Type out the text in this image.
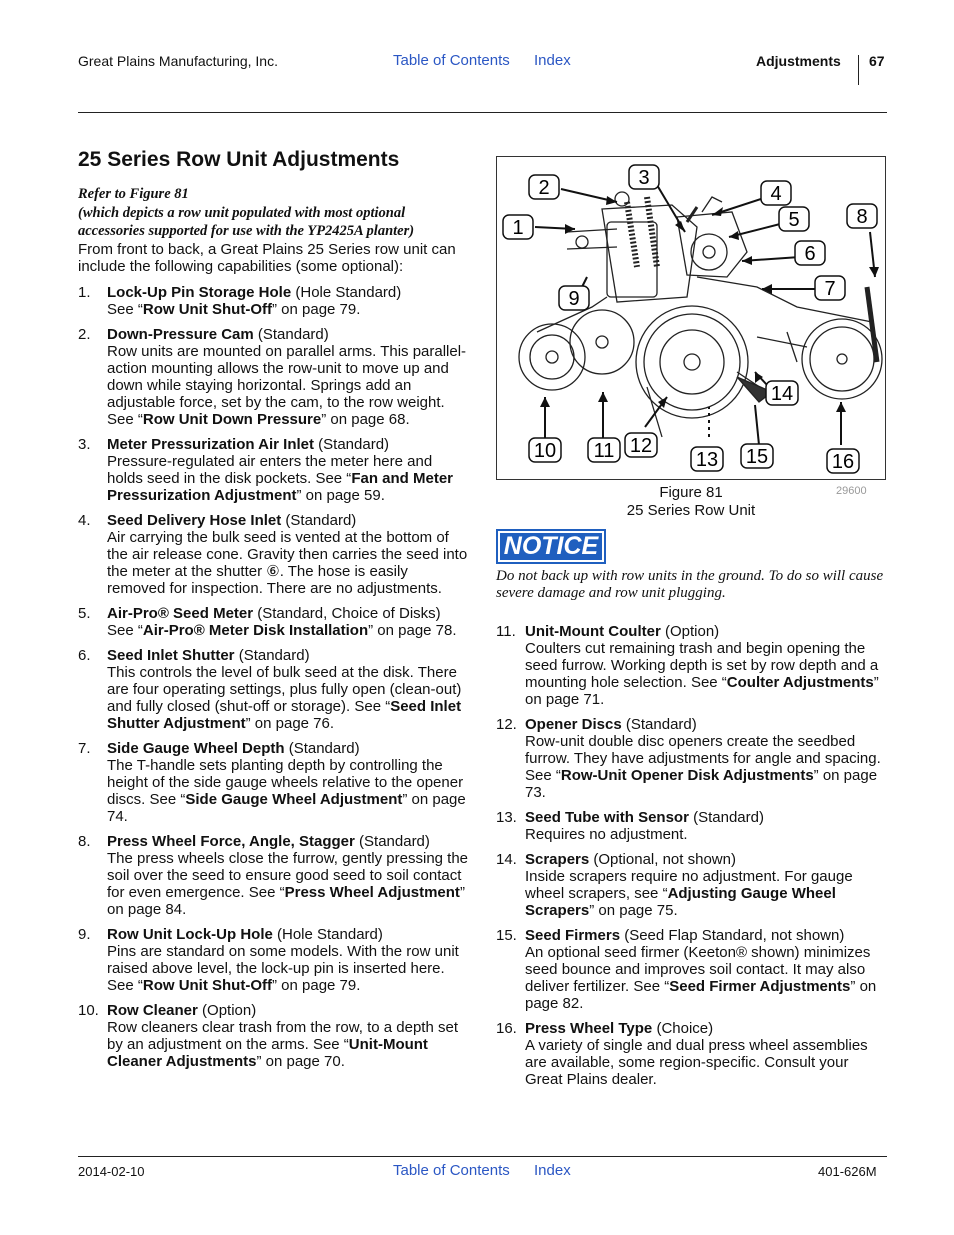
Great Plains Manufacturing, Inc.	Table of Contents Index	Adjustments 67
25 Series Row Unit Adjustments
Refer to Figure 81
(which depicts a row unit populated with most optional accessories supported for use with the YP2425A planter)
From front to back, a Great Plains 25 Series row unit can include the following capabilities (some optional):
1. Lock-Up Pin Storage Hole (Hole Standard)
See “Row Unit Shut-Off” on page 79.
2. Down-Pressure Cam (Standard)
Row units are mounted on parallel arms. This parallel-action mounting allows the row-unit to move up and down while staying horizontal. Springs add an adjustable force, set by the cam, to the row weight. See “Row Unit Down Pressure” on page 68.
3. Meter Pressurization Air Inlet (Standard)
Pressure-regulated air enters the meter here and holds seed in the disk pockets. See “Fan and Meter Pressurization Adjustment” on page 59.
4. Seed Delivery Hose Inlet (Standard)
Air carrying the bulk seed is vented at the bottom of the air release cone. Gravity then carries the seed into the meter at the shutter ⑥. The hose is easily removed for inspection. There are no adjustments.
5. Air-Pro® Seed Meter (Standard, Choice of Disks)
See “Air-Pro® Meter Disk Installation” on page 78.
6. Seed Inlet Shutter (Standard)
This controls the level of bulk seed at the disk. There are four operating settings, plus fully open (clean-out) and fully closed (shut-off or storage). See “Seed Inlet Shutter Adjustment” on page 76.
7. Side Gauge Wheel Depth (Standard)
The T-handle sets planting depth by controlling the height of the side gauge wheels relative to the opener discs. See “Side Gauge Wheel Adjustment” on page 74.
8. Press Wheel Force, Angle, Stagger (Standard)
The press wheels close the furrow, gently pressing the soil over the seed to ensure good seed to soil contact for even emergence. See “Press Wheel Adjustment” on page 84.
9. Row Unit Lock-Up Hole (Hole Standard)
Pins are standard on some models. With the row unit raised above level, the lock-up pin is inserted here. See “Row Unit Shut-Off” on page 79.
10. Row Cleaner (Option)
Row cleaners clear trash from the row, to a depth set by an adjustment on the arms. See “Unit-Mount Cleaner Adjustments” on page 70.
1
2	3
4
5
6
7
8
9
10 11 12
13
14
15	16
Figure 81
25 Series Row Unit
29600
NOTICE
Do not back up with row units in the ground. To do so will cause severe damage and row unit plugging.
11. Unit-Mount Coulter (Option)
Coulters cut remaining trash and begin opening the seed furrow. Working depth is set by row depth and a mounting hole selection. See “Coulter Adjustments” on page 71.
12. Opener Discs (Standard)
Row-unit double disc openers create the seedbed furrow. They have adjustments for angle and spacing. See “Row-Unit Opener Disk Adjustments” on page 73.
13. Seed Tube with Sensor (Standard)
Requires no adjustment.
14. Scrapers (Optional, not shown)
Inside scrapers require no adjustment. For gauge wheel scrapers, see “Adjusting Gauge Wheel Scrapers” on page 75.
15. Seed Firmers (Seed Flap Standard, not shown)
An optional seed firmer (Keeton® shown) minimizes seed bounce and improves soil contact. It may also deliver fertilizer. See “Seed Firmer Adjustments” on page 82.
16. Press Wheel Type (Choice)
A variety of single and dual press wheel assemblies are available, some region-specific. Consult your Great Plains dealer.
2014-02-10	Table of Contents Index	401-626M
